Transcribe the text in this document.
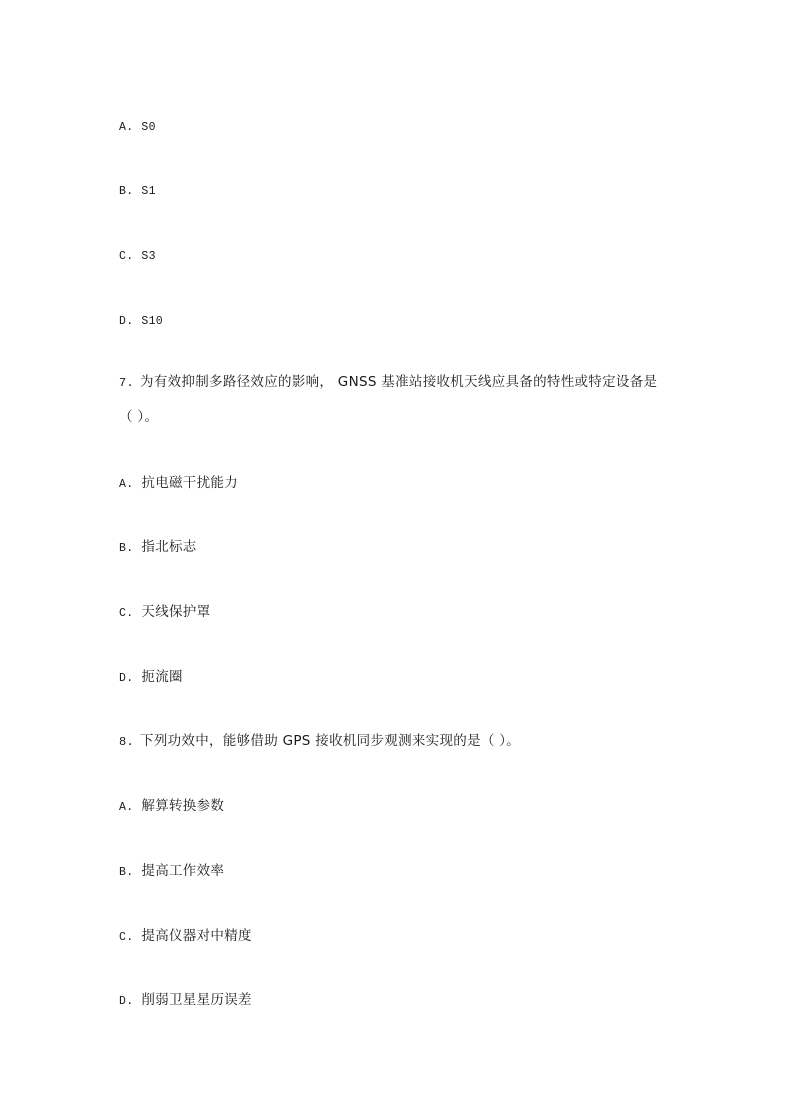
A. S0
B. S1
C. S3
D. S10
7. 为有效抑制多路径效应的影响， GNSS 基准站接收机天线应具备的特性或特定设备是
（ ）。
A. 抗电磁干扰能力
B. 指北标志
C. 天线保护罩
D. 扼流圈
8. 下列功效中，能够借助 GPS 接收机同步观测来实现的是（ ）。
A. 解算转换参数
B. 提高工作效率
C. 提高仪器对中精度
D. 削弱卫星星历误差
